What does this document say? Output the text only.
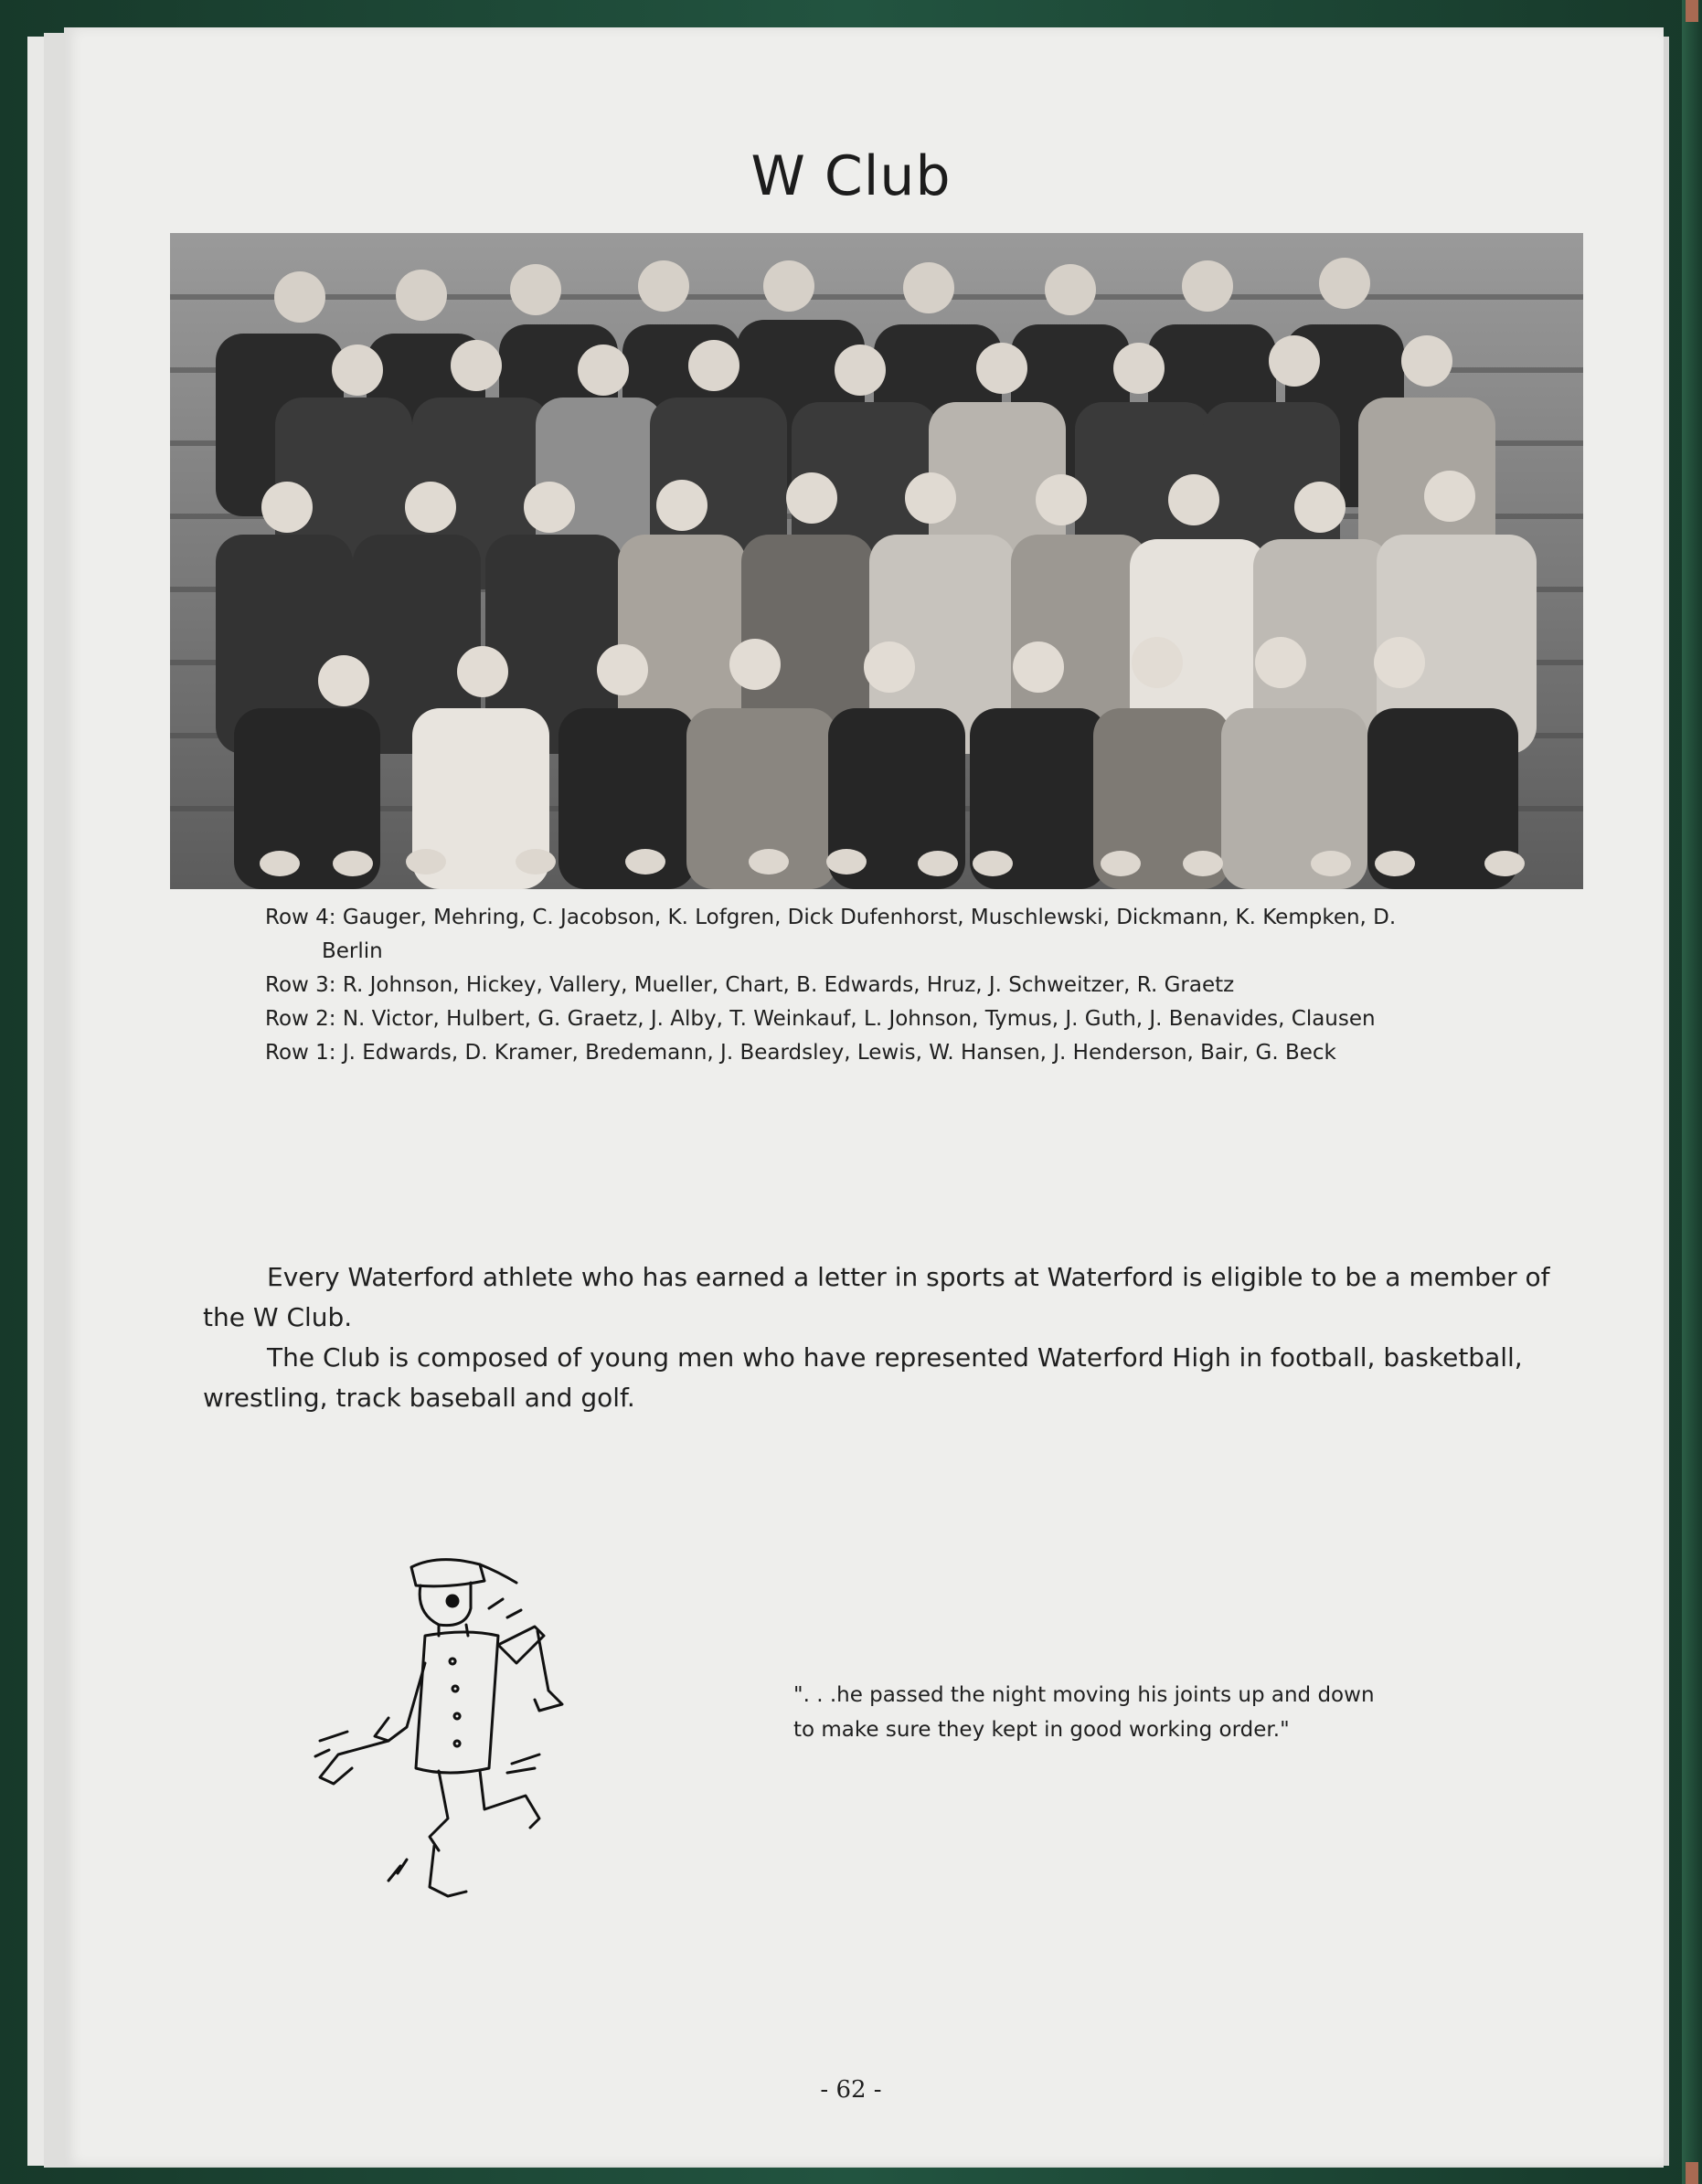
W Club
Row 4: Gauger, Mehring, C. Jacobson, K. Lofgren, Dick Dufenhorst, Muschlewski, Dickmann, K. Kempken, D.
Berlin
Row 3: R. Johnson, Hickey, Vallery, Mueller, Chart, B. Edwards, Hruz, J. Schweitzer, R. Graetz
Row 2: N. Victor, Hulbert, G. Graetz, J. Alby, T. Weinkauf, L. Johnson, Tymus, J. Guth, J. Benavides, Clausen
Row 1: J. Edwards, D. Kramer, Bredemann, J. Beardsley, Lewis, W. Hansen, J. Henderson, Bair, G. Beck

Every Waterford athlete who has earned a letter in sports at Waterford is eligible to be a member of the W Club.

The Club is composed of young men who have represented Waterford High in football, basketball, wrestling, track baseball and golf.

". . .he passed the night moving his joints up and down
to make sure they kept in good working order."
- 62 -
